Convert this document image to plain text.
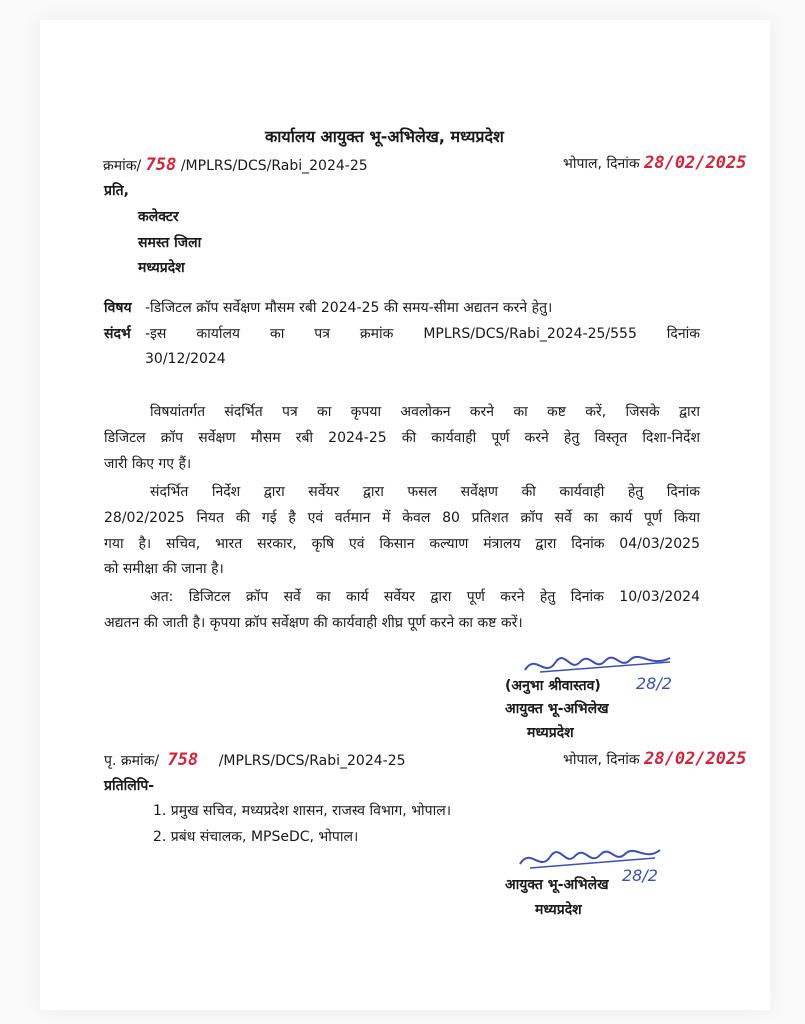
कार्यालय आयुक्त भू-अभिलेख, मध्यप्रदेश
क्रमांक/ 758 /MPLRS/DCS/Rabi_2024-25	भोपाल, दिनांक 28/02/2025
प्रति,
कलेक्टर
समस्त जिला
मध्यप्रदेश
विषय -डिजिटल क्रॉप सर्वेक्षण मौसम रबी 2024-25 की समय-सीमा अद्यतन करने हेतु।
संदर्भ -इस कार्यालय का पत्र क्रमांक MPLRS/DCS/Rabi_2024-25/555 दिनांक
30/12/2024
विषयांतर्गत संदर्भित पत्र का कृपया अवलोकन करने का कष्ट करें, जिसके द्वारा
डिजिटल क्रॉप सर्वेक्षण मौसम रबी 2024-25 की कार्यवाही पूर्ण करने हेतु विस्तृत दिशा-निर्देश
जारी किए गए हैं।
संदर्भित निर्देश द्वारा सर्वेयर द्वारा फसल सर्वेक्षण की कार्यवाही हेतु दिनांक
28/02/2025 नियत की गई है एवं वर्तमान में केवल 80 प्रतिशत क्रॉप सर्वे का कार्य पूर्ण किया
गया है। सचिव, भारत सरकार, कृषि एवं किसान कल्याण मंत्रालय द्वारा दिनांक 04/03/2025
को समीक्षा की जाना है।
अत: डिजिटल क्रॉप सर्वे का कार्य सर्वेयर द्वारा पूर्ण करने हेतु दिनांक 10/03/2024
अद्यतन की जाती है। कृपया क्रॉप सर्वेक्षण की कार्यवाही शीघ्र पूर्ण करने का कष्ट करें।
(अनुभा श्रीवास्तव) 28/2
आयुक्त भू-अभिलेख
मध्यप्रदेश
पृ. क्रमांक/ 758 /MPLRS/DCS/Rabi_2024-25	भोपाल, दिनांक 28/02/2025
प्रतिलिपि-
1. प्रमुख सचिव, मध्यप्रदेश शासन, राजस्व विभाग, भोपाल।
2. प्रबंध संचालक, MPSeDC, भोपाल।
28/2
आयुक्त भू-अभिलेख
मध्यप्रदेश
